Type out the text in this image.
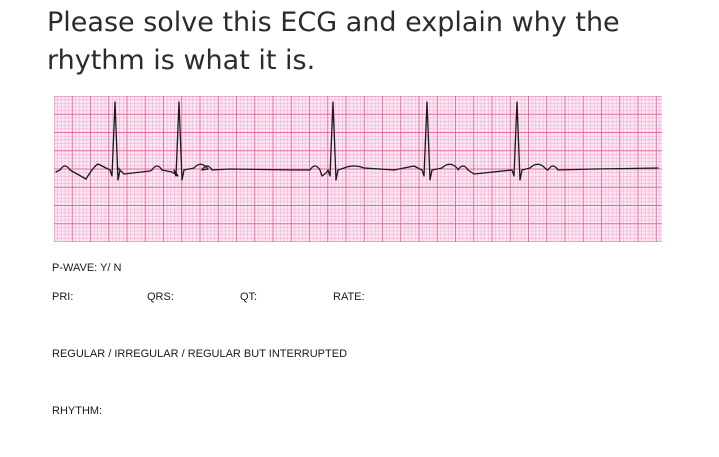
Please solve this ECG and explain why the
rhythm is what it is.
P-WAVE: Y/ N
PRI:	QRS:	QT:	RATE:
REGULAR / IRREGULAR / REGULAR BUT INTERRUPTED
RHYTHM:
